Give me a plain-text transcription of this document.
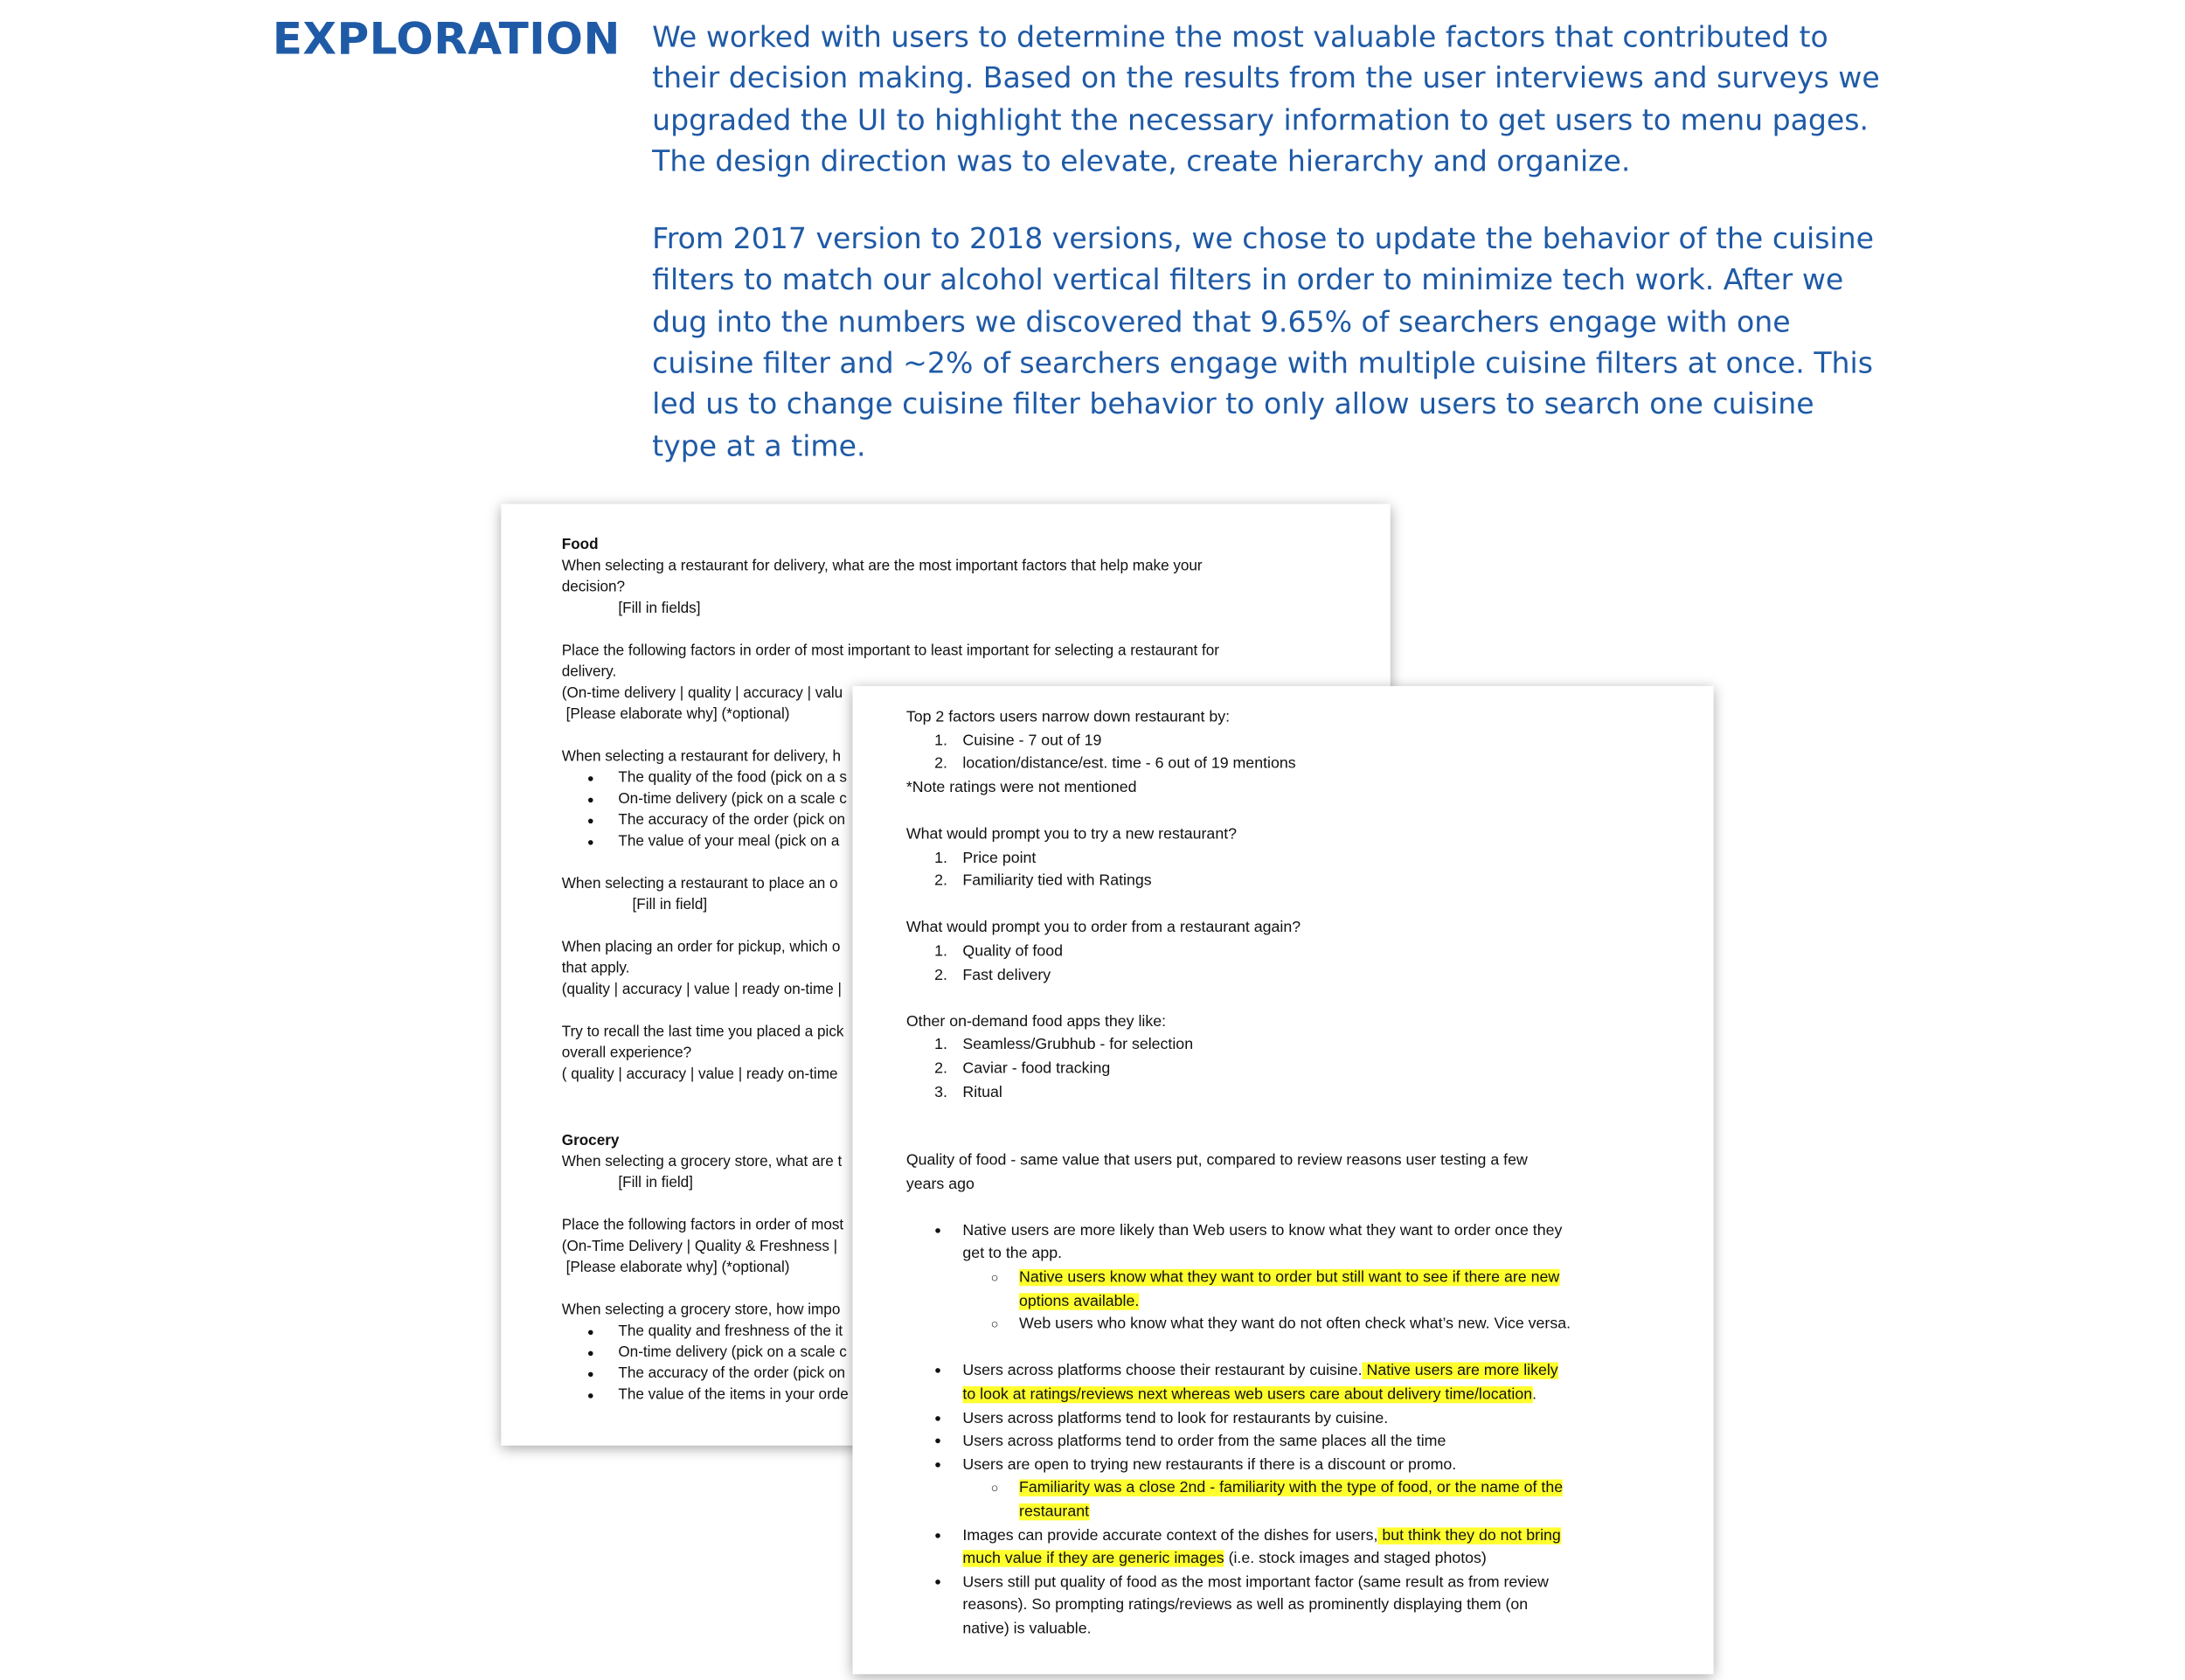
EXPLORATION We worked with users to determine the most valuable factors that contributed to their decision making. Based on the results from the user interviews and surveys we upgraded the UI to highlight the necessary information to get users to menu pages. The design direction was to elevate, create hierarchy and organize.

From 2017 version to 2018 versions, we chose to update the behavior of the cuisine filters to match our alcohol vertical filters in order to minimize tech work. After we dug into the numbers we discovered that 9.65% of searchers engage with one cuisine filter and ~2% of searchers engage with multiple cuisine filters at once. This led us to change cuisine filter behavior to only allow users to search one cuisine type at a time.

Food
When selecting a restaurant for delivery, what are the most important factors that help make your
decision?
[Fill in fields]
Place the following factors in order of most important to least important for selecting a restaurant for
delivery.
(On-time delivery | quality | accuracy | valu
[Please elaborate why] (*optional)
When selecting a restaurant for delivery, h
● The quality of the food (pick on a s
● On-time delivery (pick on a scale c
● The accuracy of the order (pick on
● The value of your meal (pick on a
When selecting a restaurant to place an o
[Fill in field]
When placing an order for pickup, which o
that apply.
(quality | accuracy | value | ready on-time |
Try to recall the last time you placed a pick
overall experience?
( quality | accuracy | value | ready on-time
Grocery
When selecting a grocery store, what are t
[Fill in field]
Place the following factors in order of most
(On-Time Delivery | Quality & Freshness |
[Please elaborate why] (*optional)
When selecting a grocery store, how impo
● The quality and freshness of the it
● On-time delivery (pick on a scale c
● The accuracy of the order (pick on
● The value of the items in your orde
Top 2 factors users narrow down restaurant by:
1. Cuisine - 7 out of 19
2. location/distance/est. time - 6 out of 19 mentions
*Note ratings were not mentioned
What would prompt you to try a new restaurant?
1. Price point
2. Familiarity tied with Ratings
What would prompt you to order from a restaurant again?
1. Quality of food
2. Fast delivery
Other on-demand food apps they like:
1. Seamless/Grubhub - for selection
2. Caviar - food tracking
3. Ritual
Quality of food - same value that users put, compared to review reasons user testing a few
years ago
● Native users are more likely than Web users to know what they want to order once they
get to the app.
○ Native users know what they want to order but still want to see if there are new
options available.
○ Web users who know what they want do not often check what’s new. Vice versa.
● Users across platforms choose their restaurant by cuisine. Native users are more likely
to look at ratings/reviews next whereas web users care about delivery time/location.
● Users across platforms tend to look for restaurants by cuisine.
● Users across platforms tend to order from the same places all the time
● Users are open to trying new restaurants if there is a discount or promo.
○ Familiarity was a close 2nd - familiarity with the type of food, or the name of the
restaurant
● Images can provide accurate context of the dishes for users, but think they do not bring
much value if they are generic images (i.e. stock images and staged photos)
● Users still put quality of food as the most important factor (same result as from review
reasons). So prompting ratings/reviews as well as prominently displaying them (on
native) is valuable.
